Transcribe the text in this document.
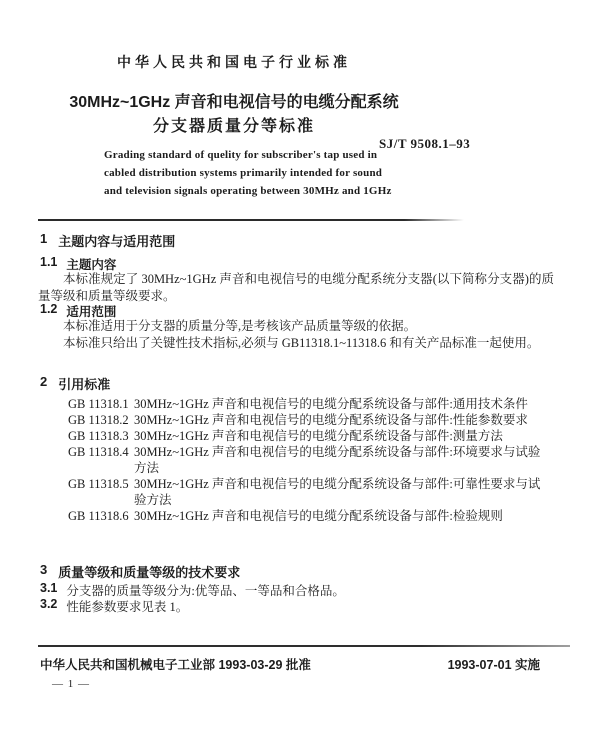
中华人民共和国电子行业标准
30MHz~1GHz 声音和电视信号的电缆分配系统
分支器质量分等标准
SJ/T 9508.1–93
Grading standard of quelity for subscriber's tap used in
cabled distribution systems primarily intended for sound
and television signals operating between 30MHz and 1GHz
1 主题内容与适用范围
1.1 主题内容
本标准规定了 30MHz~1GHz 声音和电视信号的电缆分配系统分支器(以下简称分支器)的质量等级和质量等级要求。
1.2 适用范围
本标准适用于分支器的质量分等,是考核该产品质量等级的依据。
本标准只给出了关键性技术指标,必须与 GB11318.1~11318.6 和有关产品标准一起使用。
2 引用标准
GB 11318.1 30MHz~1GHz 声音和电视信号的电缆分配系统设备与部件:通用技术条件
GB 11318.2 30MHz~1GHz 声音和电视信号的电缆分配系统设备与部件:性能参数要求
GB 11318.3 30MHz~1GHz 声音和电视信号的电缆分配系统设备与部件:测量方法
GB 11318.4 30MHz~1GHz 声音和电视信号的电缆分配系统设备与部件:环境要求与试验方法
GB 11318.5 30MHz~1GHz 声音和电视信号的电缆分配系统设备与部件:可靠性要求与试验方法
GB 11318.6 30MHz~1GHz 声音和电视信号的电缆分配系统设备与部件:检验规则
3 质量等级和质量等级的技术要求
3.1 分支器的质量等级分为:优等品、一等品和合格品。
3.2 性能参数要求见表 1。
中华人民共和国机械电子工业部 1993-03-29 批准	1993-07-01 实施
— 1 —
